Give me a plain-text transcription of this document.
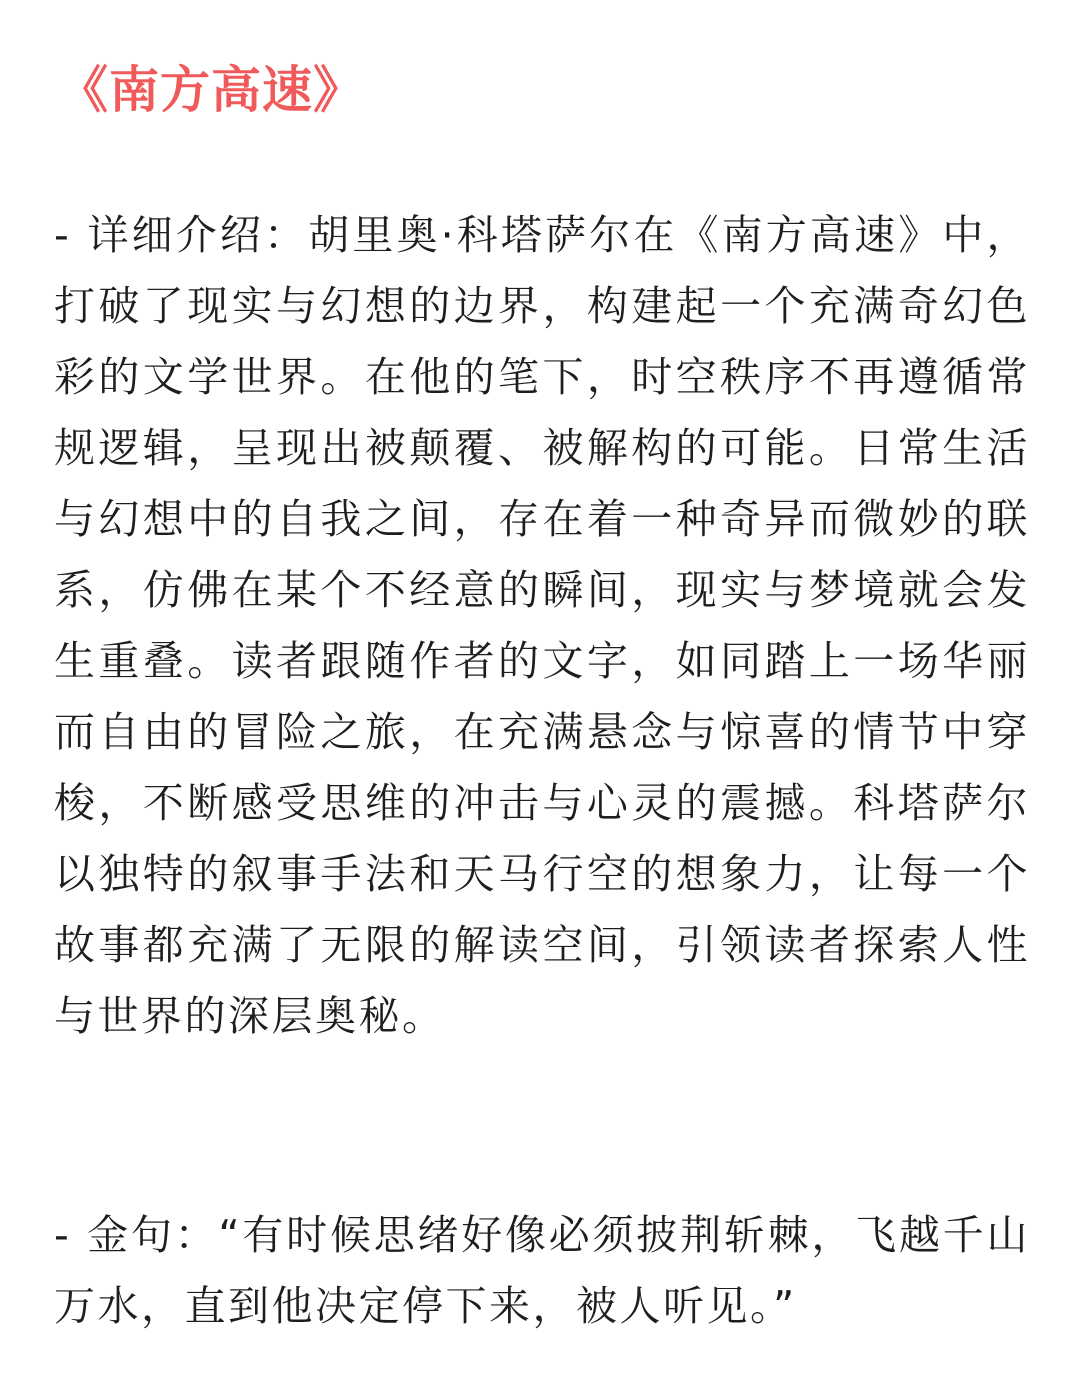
《南方高速》
- 详细介绍：胡里奥·科塔萨尔在《南方高速》中，打破了现实与幻想的边界，构建起一个充满奇幻色彩的文学世界。在他的笔下，时空秩序不再遵循常规逻辑，呈现出被颠覆、被解构的可能。日常生活与幻想中的自我之间，存在着一种奇异而微妙的联系，仿佛在某个不经意的瞬间，现实与梦境就会发生重叠。读者跟随作者的文字，如同踏上一场华丽而自由的冒险之旅，在充满悬念与惊喜的情节中穿梭，不断感受思维的冲击与心灵的震撼。科塔萨尔以独特的叙事手法和天马行空的想象力，让每一个故事都充满了无限的解读空间，引领读者探索人性与世界的深层奥秘。
- 金句：“有时候思绪好像必须披荆斩棘，飞越千山万水，直到他决定停下来，被人听见。”
